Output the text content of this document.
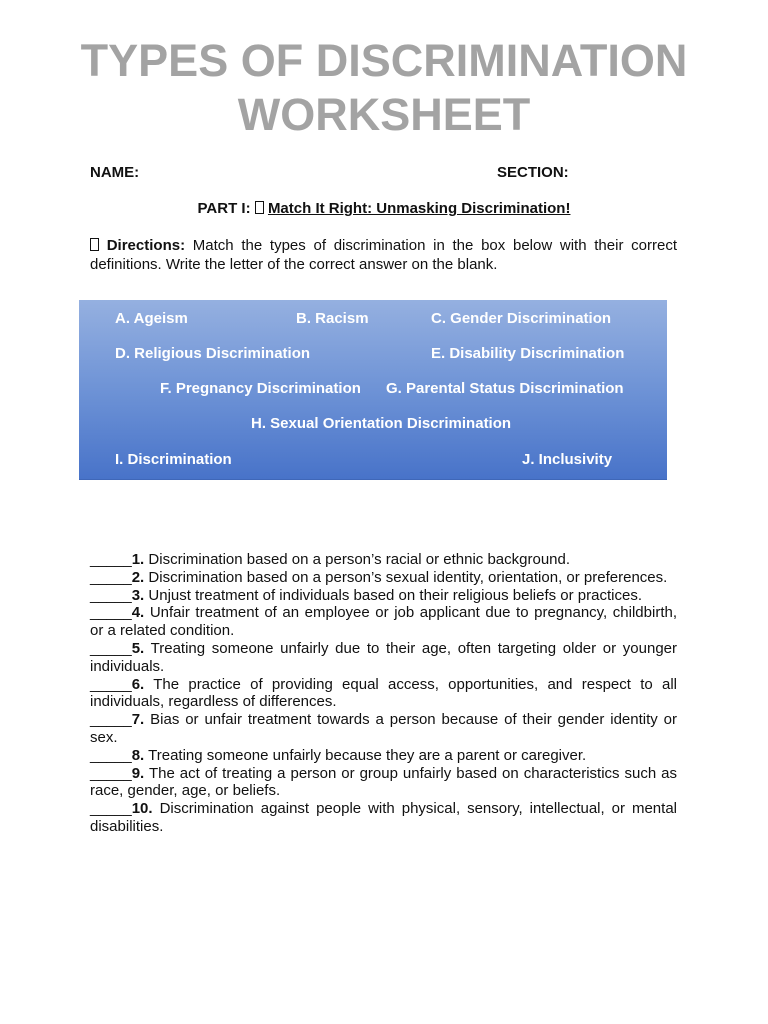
TYPES OF DISCRIMINATION
WORKSHEET
NAME:	SECTION:
PART I: Match It Right: Unmasking Discrimination!

Directions: Match the types of discrimination in the box below with their correct definitions. Write the letter of the correct answer on the blank.

A. Ageism	B. Racism	C. Gender Discrimination
D. Religious Discrimination	E. Disability Discrimination
F. Pregnancy Discrimination G. Parental Status Discrimination
H. Sexual Orientation Discrimination
I. Discrimination	J. Inclusivity
_____1. Discrimination based on a person’s racial or ethnic background.
_____2. Discrimination based on a person’s sexual identity, orientation, or preferences.
_____3. Unjust treatment of individuals based on their religious beliefs or practices.
_____4. Unfair treatment of an employee or job applicant due to pregnancy, childbirth, or a related condition.
_____5. Treating someone unfairly due to their age, often targeting older or younger individuals.
_____6. The practice of providing equal access, opportunities, and respect to all individuals, regardless of differences.
_____7. Bias or unfair treatment towards a person because of their gender identity or sex.
_____8. Treating someone unfairly because they are a parent or caregiver.
_____9. The act of treating a person or group unfairly based on characteristics such as race, gender, age, or beliefs.
_____10. Discrimination against people with physical, sensory, intellectual, or mental disabilities.
